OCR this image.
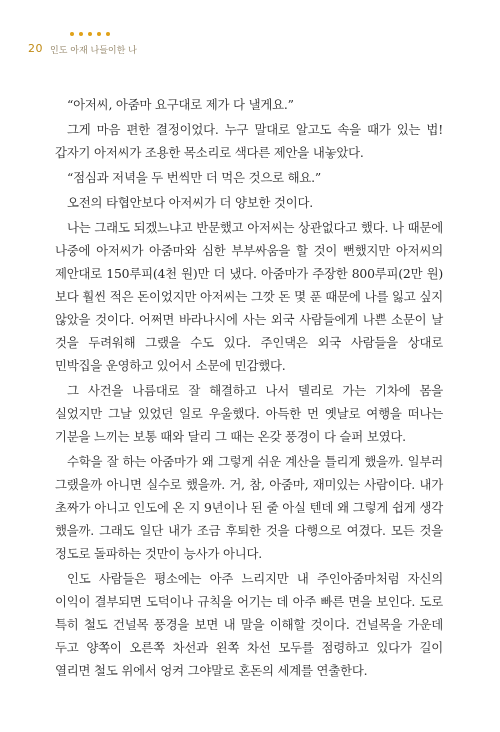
20 인도 아재 나들이한 나

“아저씨, 아줌마 요구대로 제가 다 낼게요.”

그게 마음 편한 결정이었다. 누구 말대로 알고도 속을 때가 있는 법! 갑자기 아저씨가 조용한 목소리로 색다른 제안을 내놓았다.

“점심과 저녁을 두 번씩만 더 먹은 것으로 해요.”

오전의 타협안보다 아저씨가 더 양보한 것이다.

나는 그래도 되겠느냐고 반문했고 아저씨는 상관없다고 했다. 나 때문에 나중에 아저씨가 아줌마와 심한 부부싸움을 할 것이 뻔했지만 아저씨의 제안대로 150루피(4천 원)만 더 냈다. 아줌마가 주장한 800루피(2만 원)보다 훨씬 적은 돈이었지만 아저씨는 그깟 돈 몇 푼 때문에 나를 잃고 싶지 않았을 것이다. 어쩌면 바라나시에 사는 외국 사람들에게 나쁜 소문이 날 것을 두려워해 그랬을 수도 있다. 주인댁은 외국 사람들을 상대로 민박집을 운영하고 있어서 소문에 민감했다.

그 사건을 나름대로 잘 해결하고 나서 델리로 가는 기차에 몸을 실었지만 그날 있었던 일로 우울했다. 아득한 먼 옛날로 여행을 떠나는 기분을 느끼는 보통 때와 달리 그 때는 온갖 풍경이 다 슬퍼 보였다.

수학을 잘 하는 아줌마가 왜 그렇게 쉬운 계산을 틀리게 했을까. 일부러 그랬을까 아니면 실수로 했을까. 거, 참, 아줌마, 재미있는 사람이다. 내가 초짜가 아니고 인도에 온 지 9년이나 된 줄 아실 텐데 왜 그렇게 쉽게 생각 했을까. 그래도 일단 내가 조금 후퇴한 것을 다행으로 여겼다. 모든 것을 정도로 돌파하는 것만이 능사가 아니다.

인도 사람들은 평소에는 아주 느리지만 내 주인아줌마처럼 자신의 이익이 결부되면 도덕이나 규칙을 어기는 데 아주 빠른 면을 보인다. 도로 특히 철도 건널목 풍경을 보면 내 말을 이해할 것이다. 건널목을 가운데 두고 양쪽이 오른쪽 차선과 왼쪽 차선 모두를 점령하고 있다가 길이 열리면 철도 위에서 엉켜 그야말로 혼돈의 세계를 연출한다.
